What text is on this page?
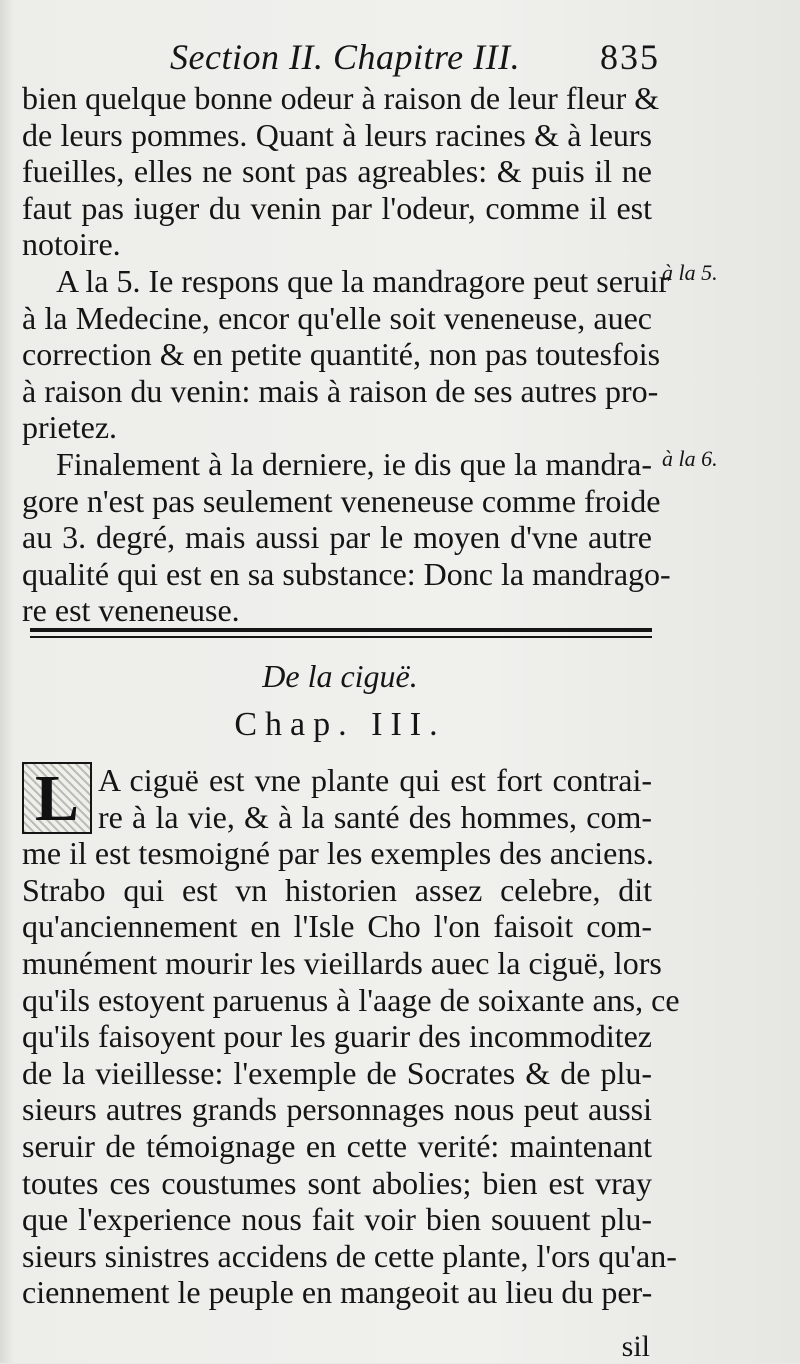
Section II. Chapitre III. 835
bien quelque bonne odeur à raison de leur fleur &
de leurs pommes. Quant à leurs racines & à leurs
fueilles, elles ne sont pas agreables: & puis il ne
faut pas iuger du venin par l'odeur, comme il est
notoire.
A la 5. Ie respons que la mandragore peut seruir
à la Medecine, encor qu'elle soit veneneuse, auec
correction & en petite quantité, non pas toutesfois
à raison du venin: mais à raison de ses autres pro-
prietez.
à la 5.
Finalement à la derniere, ie dis que la mandra-
gore n'est pas seulement veneneuse comme froide
au 3. degré, mais aussi par le moyen d'vne autre
qualité qui est en sa substance: Donc la mandrago-
re est veneneuse.
à la 6.
De la ciguë.
Chap. III.
L A ciguë est vne plante qui est fort contrai-
re à la vie, & à la santé des hommes, com-
me il est tesmoigné par les exemples des anciens.
Strabo qui est vn historien assez celebre, dit
qu'anciennement en l'Isle Cho l'on faisoit com-
munément mourir les vieillards auec la ciguë, lors
qu'ils estoyent paruenus à l'aage de soixante ans, ce
qu'ils faisoyent pour les guarir des incommoditez
de la vieillesse: l'exemple de Socrates & de plu-
sieurs autres grands personnages nous peut aussi
seruir de témoignage en cette verité: maintenant
toutes ces coustumes sont abolies; bien est vray
que l'experience nous fait voir bien souuent plu-
sieurs sinistres accidens de cette plante, l'ors qu'an-
ciennement le peuple en mangeoit au lieu du per-
sil
